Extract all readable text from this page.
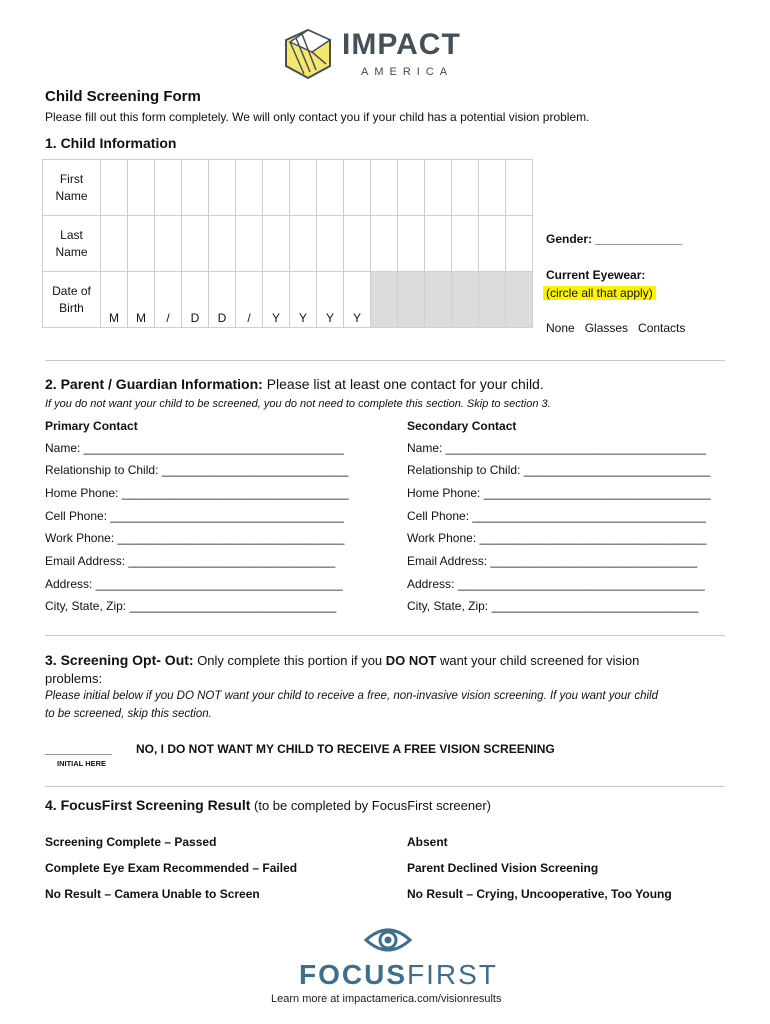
IMPACT
AMERICA
Child Screening Form
Please fill out this form completely. We will only contact you if your child has a potential vision problem.
1. Child Information
First
Name																
Last
Name																
Date of
Birth	M	M	/	D	D	/	Y	Y	Y	Y						
Gender: _____________
Current Eyewear:
(circle all that apply)
None   Glasses   Contacts
2. Parent / Guardian Information: Please list at least one contact for your child.
If you do not want your child to be screened, you do not need to complete this section. Skip to section 3.
Primary Contact	Secondary Contact
Name: _______________________________________
Relationship to Child: ____________________________
Home Phone: __________________________________
Cell Phone: ___________________________________
Work Phone: __________________________________
Email Address: _______________________________
Address: _____________________________________
City, State, Zip: _______________________________
Name: _______________________________________
Relationship to Child: ____________________________
Home Phone: __________________________________
Cell Phone: ___________________________________
Work Phone: __________________________________
Email Address: _______________________________
Address: _____________________________________
City, State, Zip: _______________________________
3. Screening Opt- Out: Only complete this portion if you DO NOT want your child screened for vision
problems:
Please initial below if you DO NOT want your child to receive a free, non-invasive vision screening. If you want your child
to be screened, skip this section.
__________
INITIAL HERE
NO, I DO NOT WANT MY CHILD TO RECEIVE A FREE VISION SCREENING
4. FocusFirst Screening Result (to be completed by FocusFirst screener)
Screening Complete – Passed
Complete Eye Exam Recommended – Failed
No Result – Camera Unable to Screen
Absent
Parent Declined Vision Screening
No Result – Crying, Uncooperative, Too Young
FOCUSFIRST
Learn more at impactamerica.com/visionresults
